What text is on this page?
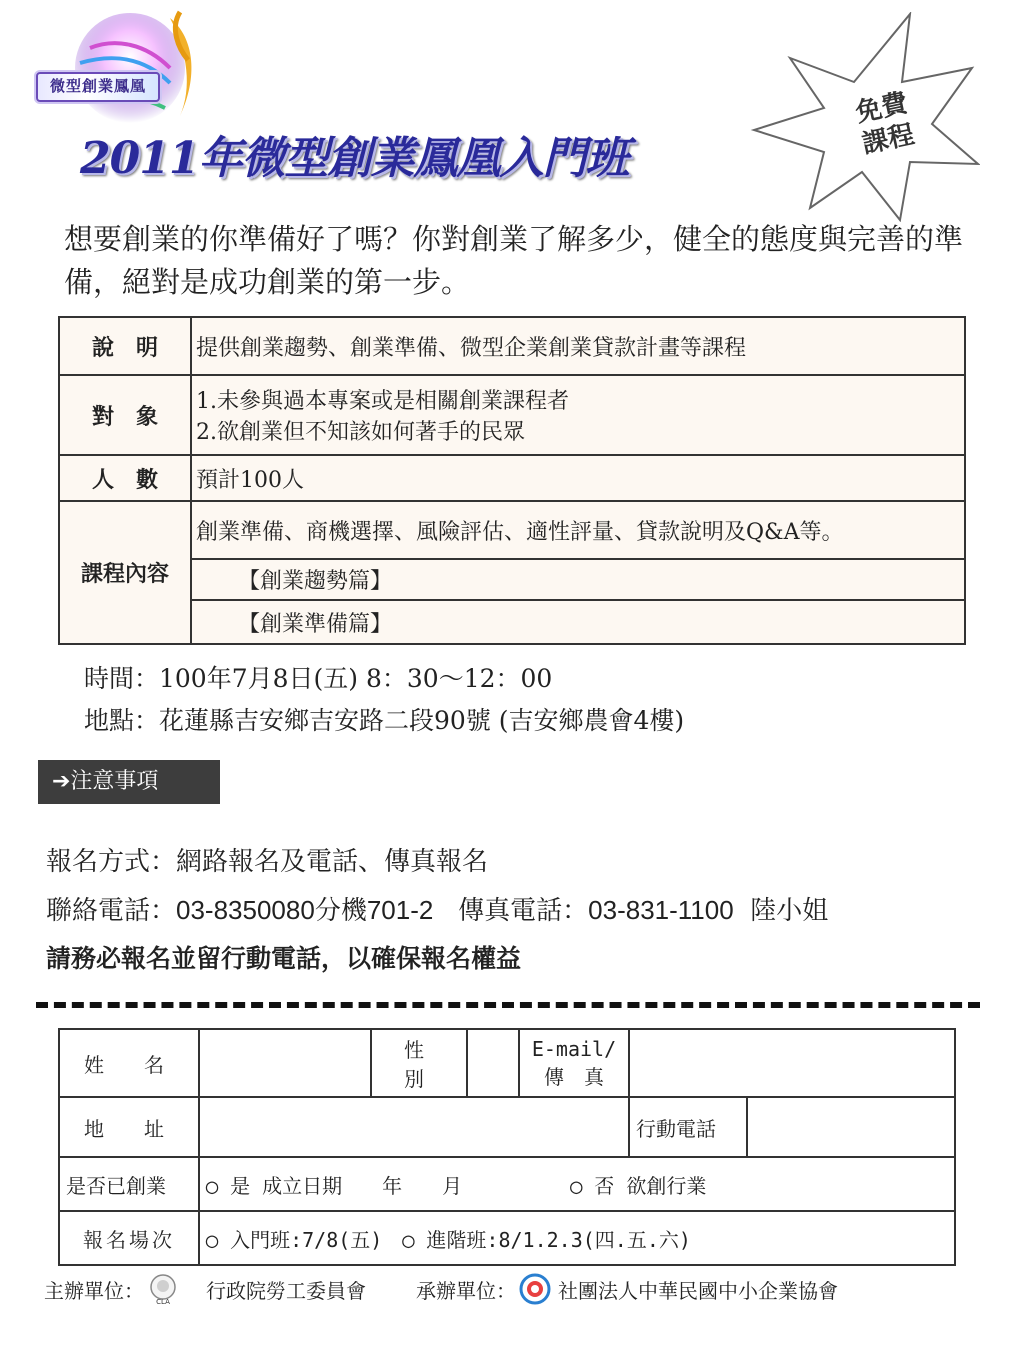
微型創業鳳凰
2011年微型創業鳳凰入門班
免費
課程
想要創業的你準備好了嗎？你對創業了解多少，健全的態度與完善的準備，絕對是成功創業的第一步。
說　明	提供創業趨勢、創業準備、微型企業創業貸款計畫等課程
對　象	1.未參與過本專案或是相關創業課程者
2.欲創業但不知該如何著手的民眾

人　數	預計100人
課程內容	創業準備、商機選擇、風險評估、適性評量、貸款說明及Q&A等。
	【創業趨勢篇】
	【創業準備篇】
時間：100年7月8日(五) 8：30～12：00
地點：花蓮縣吉安鄉吉安路二段90號 (吉安鄉農會4樓)
➔注意事項
報名方式：網路報名及電話、傳真報名
聯絡電話：03-8350080分機701-2 傳真電話：03-831-1100 陸小姐
請務必報名並留行動電話，以確保報名權益
姓　名		性　別		E-mail/
傳　真		

地　址					行動電話	
是否已創業	◯ 是 成立日期　　年　　月 ◯ 否 欲創行業					
報名場次	◯ 入門班:7/8(五)　◯ 進階班:8/1.2.3(四.五.六)					
主辦單位： CLA 行政院勞工委員會	承辦單位： 社團法人中華民國中小企業協會
